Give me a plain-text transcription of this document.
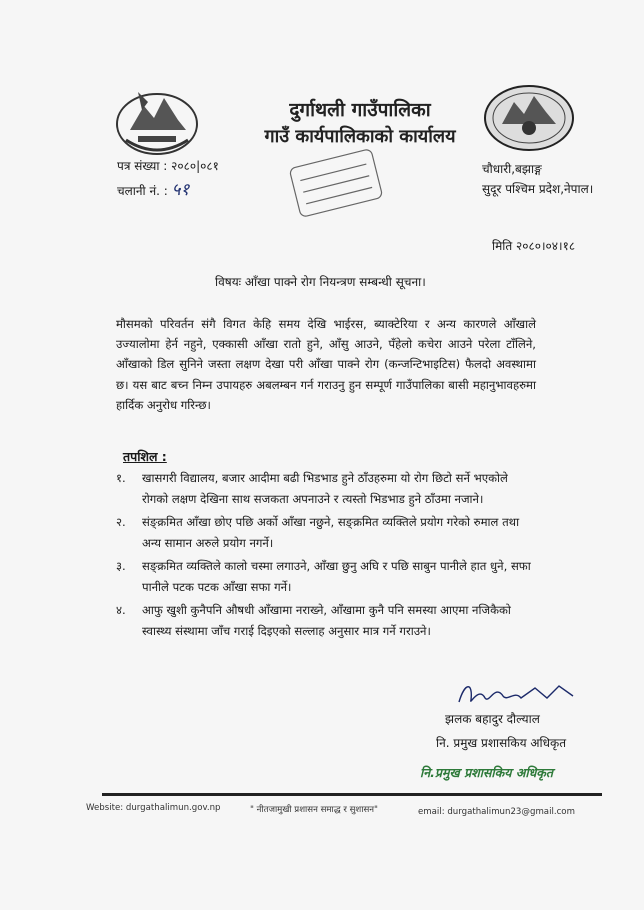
दुर्गाथली गाउँपालिका
गाउँ कार्यपालिकाको कार्यालय
पत्र संख्या : २०८०|०८१
चलानी नं. : ५१
चौधारी,बझाङ्ग
सुदूर पश्चिम प्रदेश,नेपाल।
मिति २०८०।०४।१८
विषयः आँखा पाक्ने रोग नियन्त्रण सम्बन्धी सूचना।

मौसमको परिवर्तन संगै विगत केहि समय देखि भाईरस, ब्याक्टेरिया र अन्य कारणले आँखाले उज्यालोमा हेर्न नहुने, एक्कासी आँखा रातो हुने, आँसु आउने, पँहेलो कचेरा आउने परेला टाँलिने, आँखाको डिल सुनिने जस्ता लक्षण देखा परी आँखा पाक्ने रोग (कन्जन्टिभाइटिस) फैलदो अवस्थामा छ। यस बाट बच्न निम्न उपायहरु अबलम्बन गर्न गराउनु हुन सम्पूर्ण गाउँपालिका बासी महानुभावहरुमा हार्दिक अनुरोध गरिन्छ।

तपशिल :
१.	खासगरी विद्यालय, बजार आदीमा बढी भिडभाड हुने ठाँउहरुमा यो रोग छिटो सर्ने भएकोले रोगको लक्षण देखिना साथ सजकता अपनाउने र त्यस्तो भिडभाड हुने ठाँउमा नजाने।
२.	संङ्क्रमित आँखा छोए पछि अर्को आँखा नछुने, सङ्क्रमित व्यक्तिले प्रयोग गरेको रुमाल तथा अन्य सामान अरुले प्रयोग नगर्ने।
३.	सङ्क्रमित व्यक्तिले कालो चस्मा लगाउने, आँखा छुनु अघि र पछि साबुन पानीले हात धुने, सफा पानीले पटक पटक आँखा सफा गर्ने।
४.	आफु खुशी कुनैपनि औषधी आँखामा नराख्ने, आँखामा कुनै पनि समस्या आएमा नजिकैको स्वास्थ्य संस्थामा जाँच गराई दिइएको सल्लाह अनुसार मात्र गर्ने गराउने।
झलक बहादुर दौल्याल
नि. प्रमुख प्रशासकिय अधिकृत
नि.प्रमुख प्रशासकिय अधिकृत
Website: durgathalimun.gov.np	" नीतजामुखी प्रशासन समाद्ध र सुशासन"	email: durgathalimun23@gmail.com
